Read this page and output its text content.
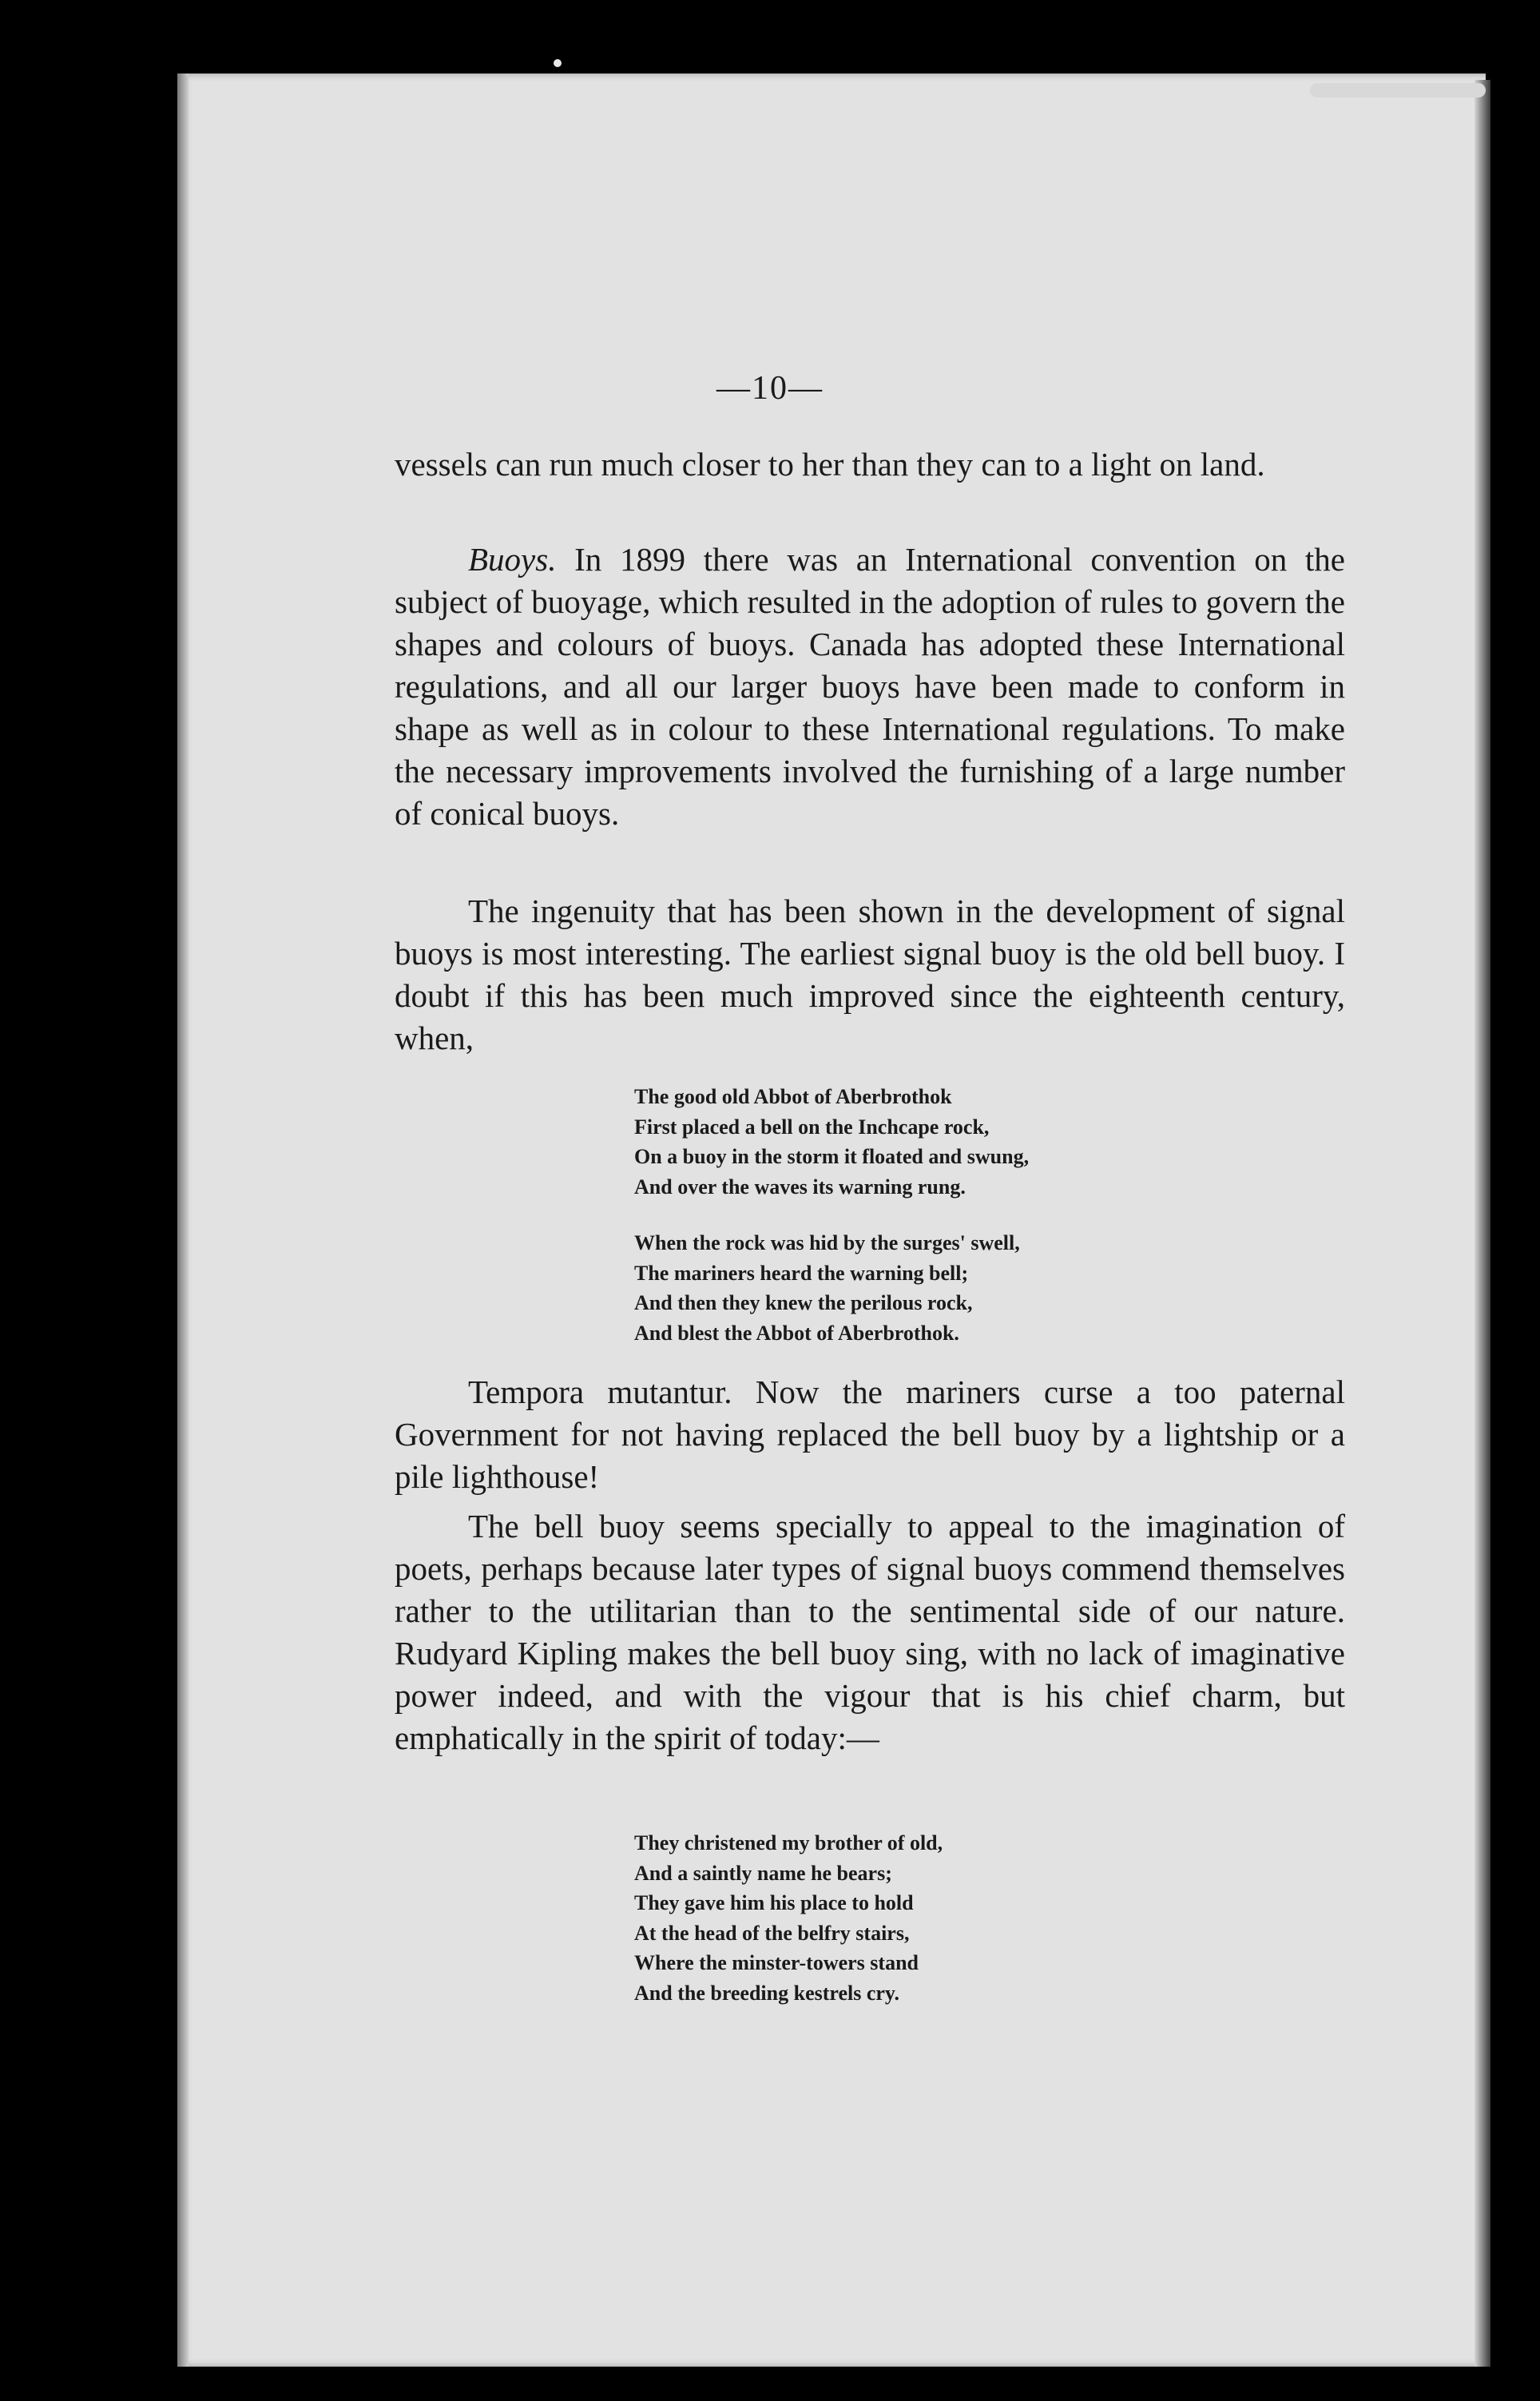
—10—

vessels can run much closer to her than they can to a light on land.

Buoys. In 1899 there was an International convention on the subject of buoyage, which resulted in the adoption of rules to govern the shapes and colours of buoys. Canada has adopted these International regulations, and all our larger buoys have been made to conform in shape as well as in colour to these International regulations. To make the necessary improvements involved the furnishing of a large number of conical buoys.

The ingenuity that has been shown in the development of signal buoys is most interesting. The earliest signal buoy is the old bell buoy. I doubt if this has been much improved since the eighteenth century, when,

The good old Abbot of Aberbrothok
First placed a bell on the Inchcape rock,
On a buoy in the storm it floated and swung,
And over the waves its warning rung.
When the rock was hid by the surges' swell,
The mariners heard the warning bell;
And then they knew the perilous rock,
And blest the Abbot of Aberbrothok.

Tempora mutantur. Now the mariners curse a too paternal Government for not having replaced the bell buoy by a lightship or a pile lighthouse!

The bell buoy seems specially to appeal to the imagination of poets, perhaps because later types of signal buoys commend themselves rather to the utilitarian than to the sentimental side of our nature. Rudyard Kipling makes the bell buoy sing, with no lack of imaginative power indeed, and with the vigour that is his chief charm, but emphatically in the spirit of today:—

They christened my brother of old,
And a saintly name he bears;
They gave him his place to hold
At the head of the belfry stairs,
Where the minster-towers stand
And the breeding kestrels cry.
